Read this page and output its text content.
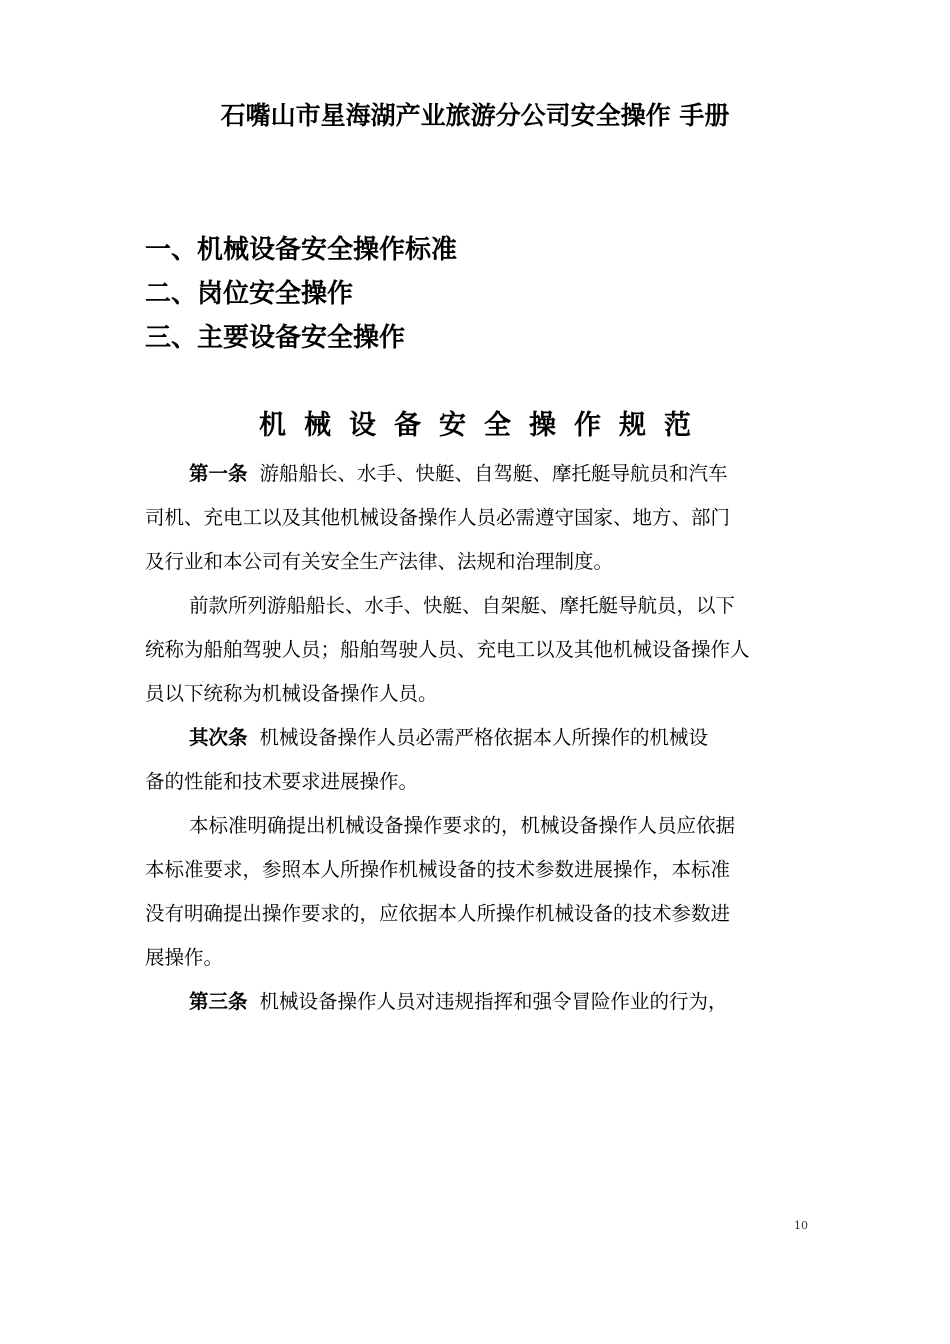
石嘴山市星海湖产业旅游分公司安全操作 手册
一、机械设备安全操作标准
二、岗位安全操作
三、主要设备安全操作
机械设备安全操作规范
第一条 游船船长、水手、快艇、自驾艇、摩托艇导航员和汽车
司机、充电工以及其他机械设备操作人员必需遵守国家、地方、部门
及行业和本公司有关安全生产法律、法规和治理制度。
前款所列游船船长、水手、快艇、自架艇、摩托艇导航员，以下
统称为船舶驾驶人员；船舶驾驶人员、充电工以及其他机械设备操作人
员以下统称为机械设备操作人员。
其次条 机械设备操作人员必需严格依据本人所操作的机械设
备的性能和技术要求进展操作。
本标准明确提出机械设备操作要求的，机械设备操作人员应依据
本标准要求，参照本人所操作机械设备的技术参数进展操作，本标准
没有明确提出操作要求的，应依据本人所操作机械设备的技术参数进
展操作。
第三条 机械设备操作人员对违规指挥和强令冒险作业的行为，
10
